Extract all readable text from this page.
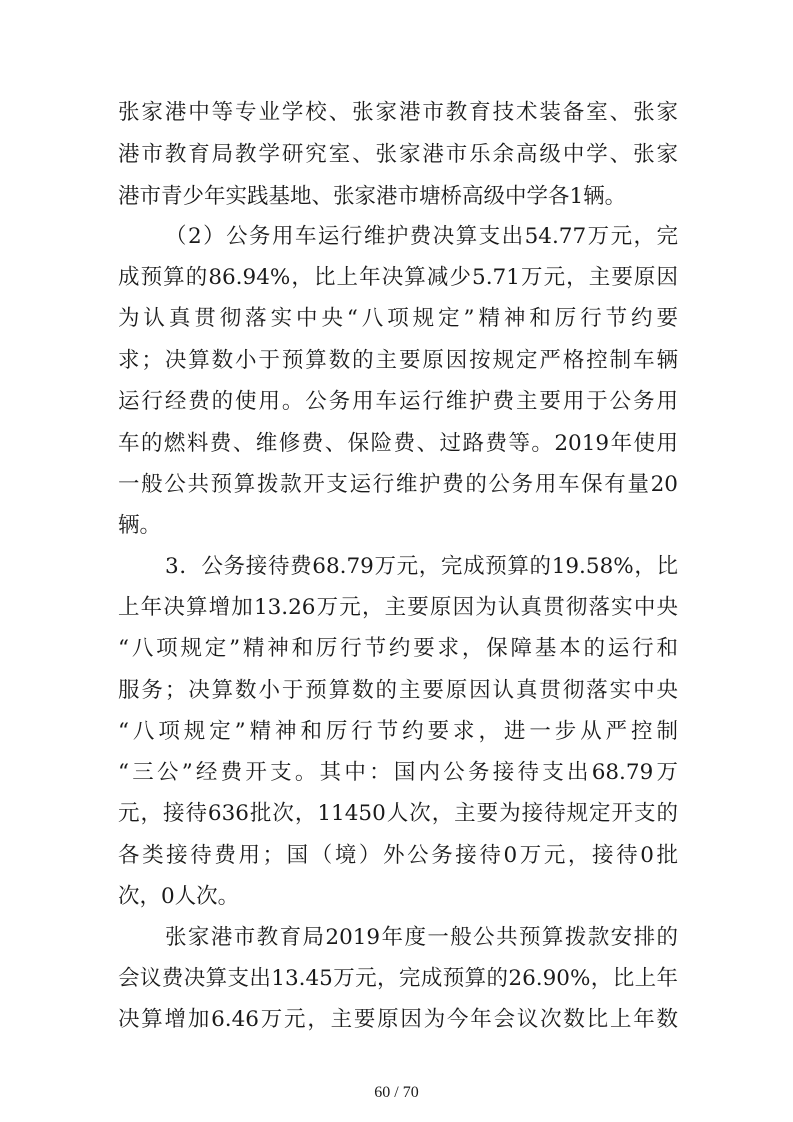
张家港中等专业学校、张家港市教育技术装备室、张家
港市教育局教学研究室、张家港市乐余高级中学、张家
港市青少年实践基地、张家港市塘桥高级中学各1辆。
（2）公务用车运行维护费决算支出54.77万元，完
成预算的86.94%，比上年决算减少5.71万元，主要原因
为认真贯彻落实中央“八项规定”精神和厉行节约要
求；决算数小于预算数的主要原因按规定严格控制车辆
运行经费的使用。公务用车运行维护费主要用于公务用
车的燃料费、维修费、保险费、过路费等。2019年使用
一般公共预算拨款开支运行维护费的公务用车保有量20
辆。
3．公务接待费68.79万元，完成预算的19.58%，比
上年决算增加13.26万元，主要原因为认真贯彻落实中央
“八项规定”精神和厉行节约要求，保障基本的运行和
服务；决算数小于预算数的主要原因认真贯彻落实中央
“八项规定”精神和厉行节约要求，进一步从严控制
“三公”经费开支。其中：国内公务接待支出68.79万
元，接待636批次，11450人次，主要为接待规定开支的
各类接待费用；国（境）外公务接待0万元，接待0批
次，0人次。
张家港市教育局2019年度一般公共预算拨款安排的
会议费决算支出13.45万元，完成预算的26.90%，比上年
决算增加6.46万元，主要原因为今年会议次数比上年数
60 / 70
